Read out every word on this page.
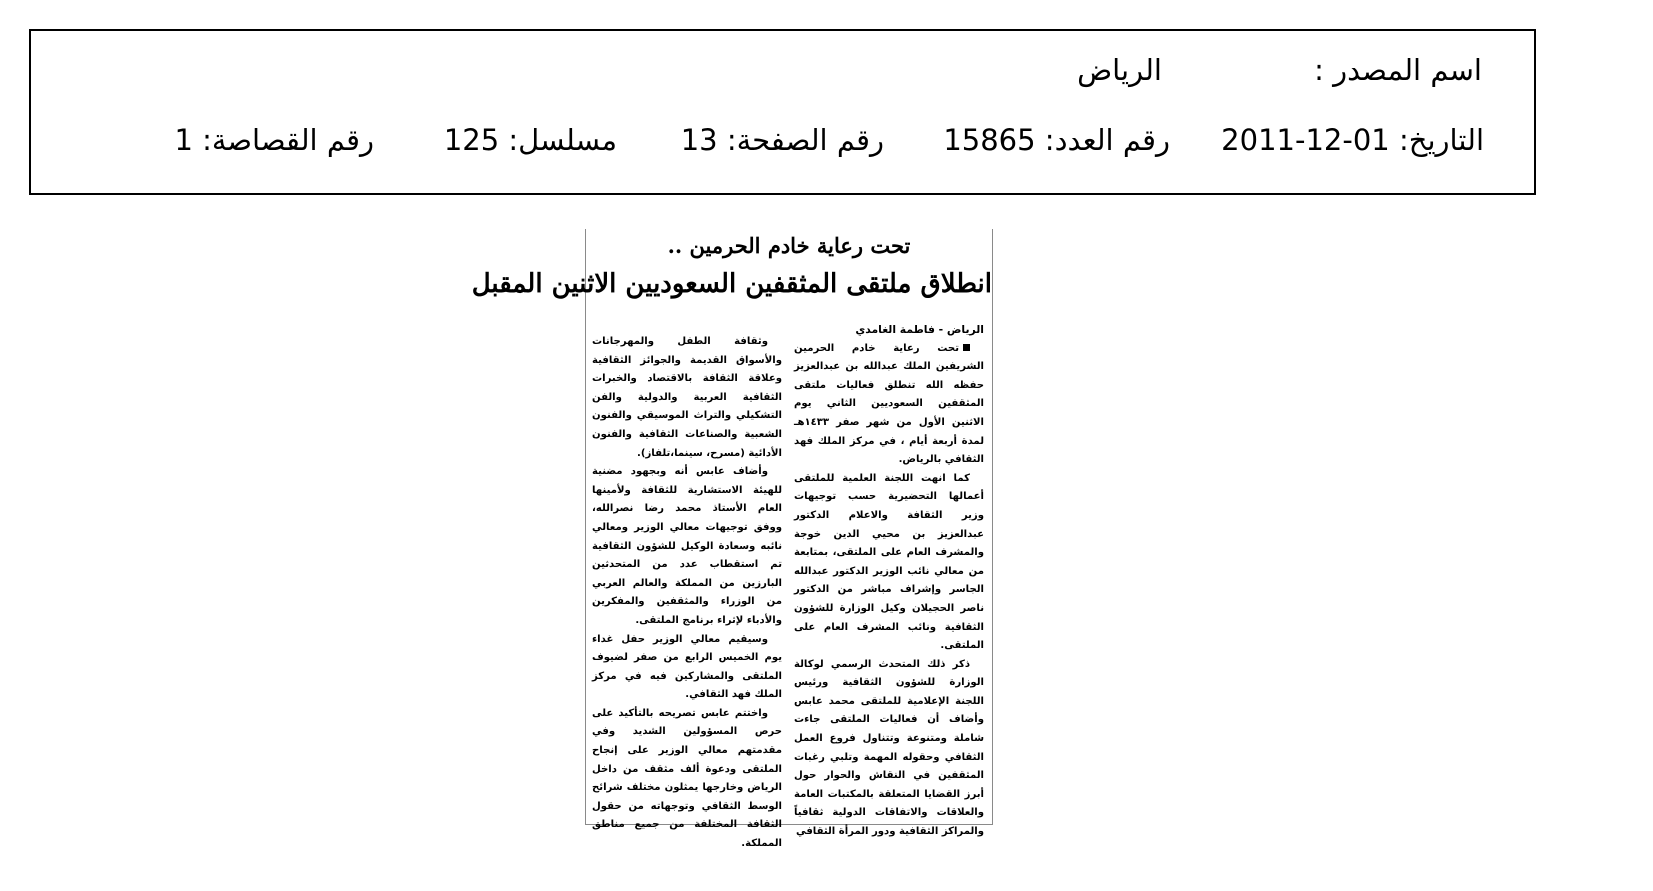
اسم المصدر :
الرياض
التاريخ: 01-12-2011
رقم العدد: 15865
رقم الصفحة: 13
مسلسل: 125
رقم القصاصة: 1
تحت رعاية خادم الحرمين ..
انطلاق ملتقى المثقفين السعوديين الاثنين المقبل

الرياض - فاطمة الغامدي

تحت رعاية خادم الحرمين الشريفين الملك عبدالله بن عبدالعزيز حفظه الله تنطلق فعاليات ملتقى المثقفين السعوديين الثاني يوم الاثنين الأول من شهر صفر ١٤٣٣هـ لمدة أربعة أيام ، في مركز الملك فهد الثقافي بالرياض.

كما انهت اللجنة العلمية للملتقى أعمالها التحضيرية حسب توجيهات وزير الثقافة والاعلام الدكتور عبدالعزيز بن محيي الدين خوجة والمشرف العام على الملتقى، بمتابعة من معالي نائب الوزير الدكتور عبدالله الجاسر وإشراف مباشر من الدكتور ناصر الحجيلان وكيل الوزارة للشؤون الثقافية ونائب المشرف العام على الملتقى.

ذكر ذلك المتحدث الرسمي لوكالة الوزارة للشؤون الثقافية ورئيس اللجنة الإعلامية للملتقى محمد عابس وأضاف أن فعاليات الملتقى جاءت شاملة ومتنوعة وتتناول فروع العمل الثقافي وحقوله المهمة وتلبي رغبات المثقفين في النقاش والحوار حول أبرز القضايا المتعلقة بالمكتبات العامة والعلاقات والاتفاقات الدولية ثقافياً والمراكز الثقافية ودور المرأة الثقافي

وثقافة الطفل والمهرجانات والأسواق القديمة والجوائز الثقافية وعلاقة الثقافة بالاقتصاد والخبرات الثقافية العربية والدولية والفن التشكيلي والتراث الموسيقي والفنون الشعبية والصناعات الثقافية والفنون الأدائية (مسرح، سينما،تلفاز).

وأضاف عابس أنه وبجهود مضنية للهيئة الاستشارية للثقافة ولأمينها العام الأستاذ محمد رضا نصرالله، ووفق توجيهات معالي الوزير ومعالي نائبه وسعادة الوكيل للشؤون الثقافية تم استقطاب عدد من المتحدثين البارزين من المملكة والعالم العربي من الوزراء والمثقفين والمفكرين والأدباء لإثراء برنامج الملتقى.

وسيقيم معالي الوزير حفل غداء يوم الخميس الرابع من صفر لضيوف الملتقى والمشاركين فيه في مركز الملك فهد الثقافي.

واختتم عابس تصريحه بالتأكيد على حرص المسؤولين الشديد وفي مقدمتهم معالي الوزير على إنجاح الملتقى ودعوة ألف مثقف من داخل الرياض وخارجها يمثلون مختلف شرائح الوسط الثقافي وتوجهاته من حقول الثقافة المختلفة من جميع مناطق المملكة.
